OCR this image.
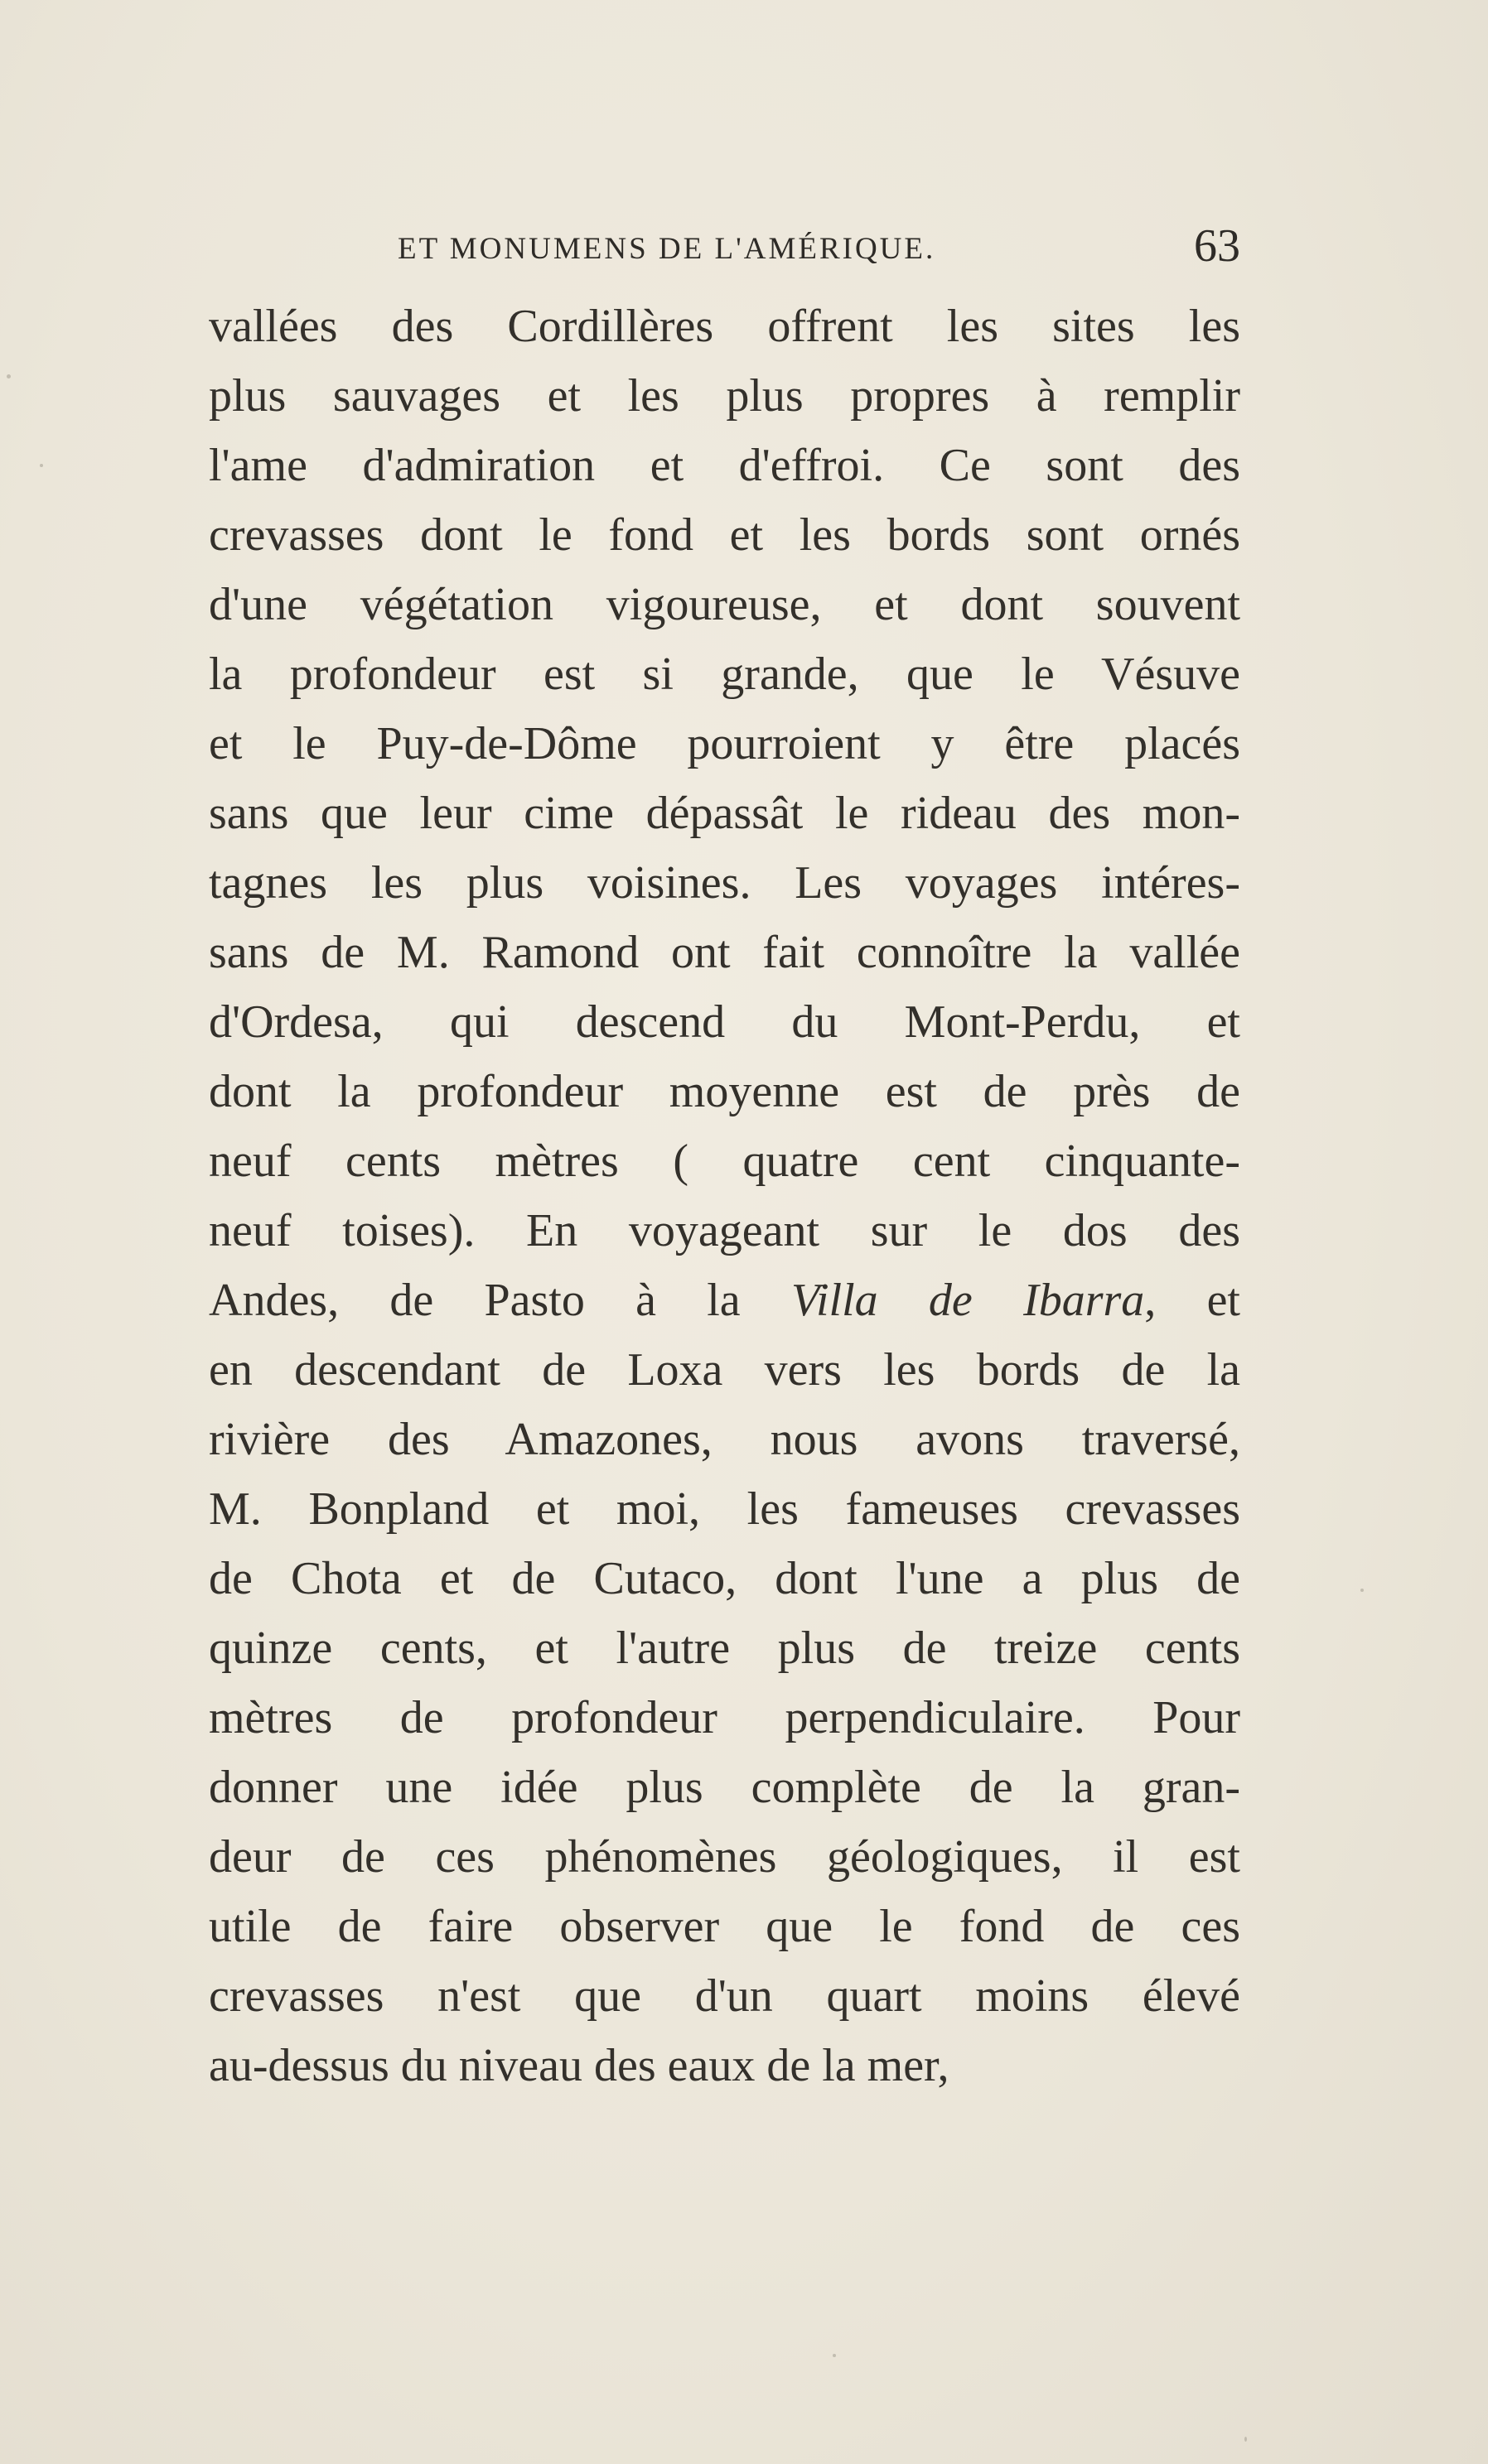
ET MONUMENS DE L'AMÉRIQUE.	63
vallées des Cordillères offrent les sites les
plus sauvages et les plus propres à remplir
l'ame d'admiration et d'effroi. Ce sont des
crevasses dont le fond et les bords sont ornés
d'une végétation vigoureuse, et dont souvent
la profondeur est si grande, que le Vésuve
et le Puy-de-Dôme pourroient y être placés
sans que leur cime dépassât le rideau des mon-
tagnes les plus voisines. Les voyages intéres-
sans de M. Ramond ont fait connoître la vallée
d'Ordesa, qui descend du Mont-Perdu, et
dont la profondeur moyenne est de près de
neuf cents mètres ( quatre cent cinquante-
neuf toises). En voyageant sur le dos des
Andes, de Pasto à la Villa de Ibarra, et
en descendant de Loxa vers les bords de la
rivière des Amazones, nous avons traversé,
M. Bonpland et moi, les fameuses crevasses
de Chota et de Cutaco, dont l'une a plus de
quinze cents, et l'autre plus de treize cents
mètres de profondeur perpendiculaire. Pour
donner une idée plus complète de la gran-
deur de ces phénomènes géologiques, il est
utile de faire observer que le fond de ces
crevasses n'est que d'un quart moins élevé
au-dessus du niveau des eaux de la mer,
